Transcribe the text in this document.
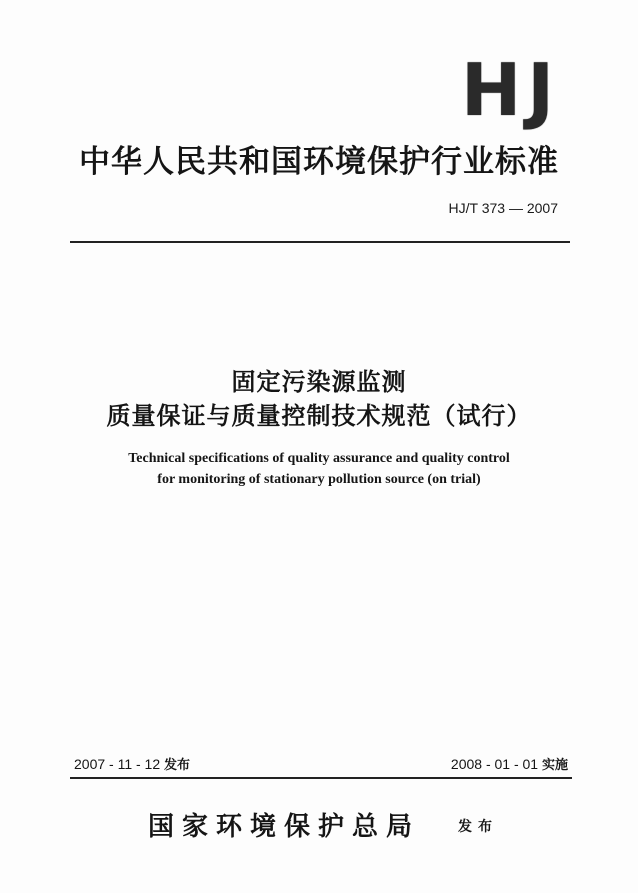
HJ
中华人民共和国环境保护行业标准
HJ/T 373 — 2007
固定污染源监测
质量保证与质量控制技术规范（试行）
Technical specifications of quality assurance and quality control
for monitoring of stationary pollution source (on trial)
2007 - 11 - 12 发布	2008 - 01 - 01 实施
国家环境保护总局	发布
